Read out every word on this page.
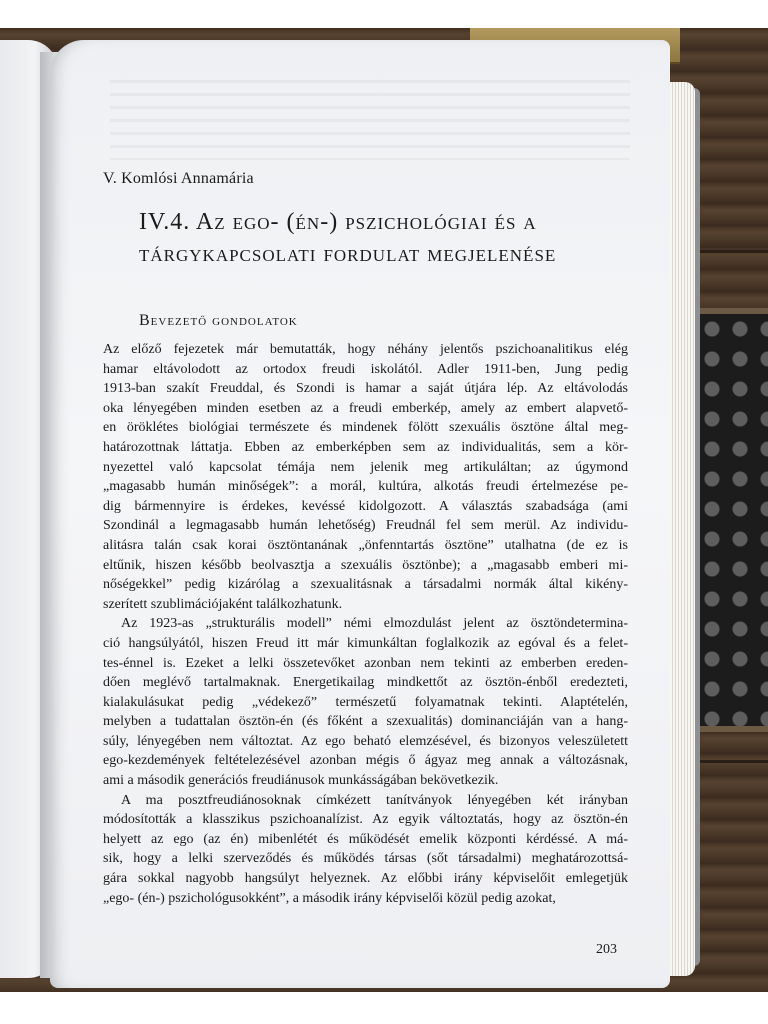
V. Komlósi Annamária

IV.4. Az ego- (én-) pszichológiai és a
tárgykapcsolati fordulat megjelenése
Bevezető gondolatok
Az előző fejezetek már bemutatták, hogy néhány jelentős pszichoanalitikus elég
hamar eltávolodott az ortodox freudi iskolától. Adler 1911-ben, Jung pedig
1913-ban szakít Freuddal, és Szondi is hamar a saját útjára lép. Az eltávolodás
oka lényegében minden esetben az a freudi emberkép, amely az embert alapvető-
en öröklétes biológiai természete és mindenek fölött szexuális ösztöne által meg-
határozottnak láttatja. Ebben az emberképben sem az individualitás, sem a kör-
nyezettel való kapcsolat témája nem jelenik meg artikuláltan; az úgymond
„magasabb humán minőségek”: a morál, kultúra, alkotás freudi értelmezése pe-
dig bármennyire is érdekes, kevéssé kidolgozott. A választás szabadsága (ami
Szondinál a legmagasabb humán lehetőség) Freudnál fel sem merül. Az individu-
alitásra talán csak korai ösztöntanának „önfenntartás ösztöne” utalhatna (de ez is
eltűnik, hiszen később beolvasztja a szexuális ösztönbe); a „magasabb emberi mi-
nőségekkel” pedig kizárólag a szexualitásnak a társadalmi normák által kikény-
szerített szublimációjaként találkozhatunk.
Az 1923-as „strukturális modell” némi elmozdulást jelent az ösztöndetermina-
ció hangsúlyától, hiszen Freud itt már kimunkáltan foglalkozik az egóval és a felet-
tes-énnel is. Ezeket a lelki összetevőket azonban nem tekinti az emberben ereden-
dően meglévő tartalmaknak. Energetikailag mindkettőt az ösztön-énből eredezteti,
kialakulásukat pedig „védekező” természetű folyamatnak tekinti. Alaptételén,
melyben a tudattalan ösztön-én (és főként a szexualitás) dominanciáján van a hang-
súly, lényegében nem változtat. Az ego beható elemzésével, és bizonyos veleszületett
ego-kezdemények feltételezésével azonban mégis ő ágyaz meg annak a változásnak,
ami a második generációs freudiánusok munkásságában bekövetkezik.
A ma posztfreudiánosoknak címkézett tanítványok lényegében két irányban
módosították a klasszikus pszichoanalízist. Az egyik változtatás, hogy az ösztön-én
helyett az ego (az én) mibenlétét és működését emelik központi kérdéssé. A má-
sik, hogy a lelki szerveződés és működés társas (sőt társadalmi) meghatározottsá-
gára sokkal nagyobb hangsúlyt helyeznek. Az előbbi irány képviselőit emlegetjük
„ego- (én-) pszichológusokként”, a második irány képviselői közül pedig azokat,
203
